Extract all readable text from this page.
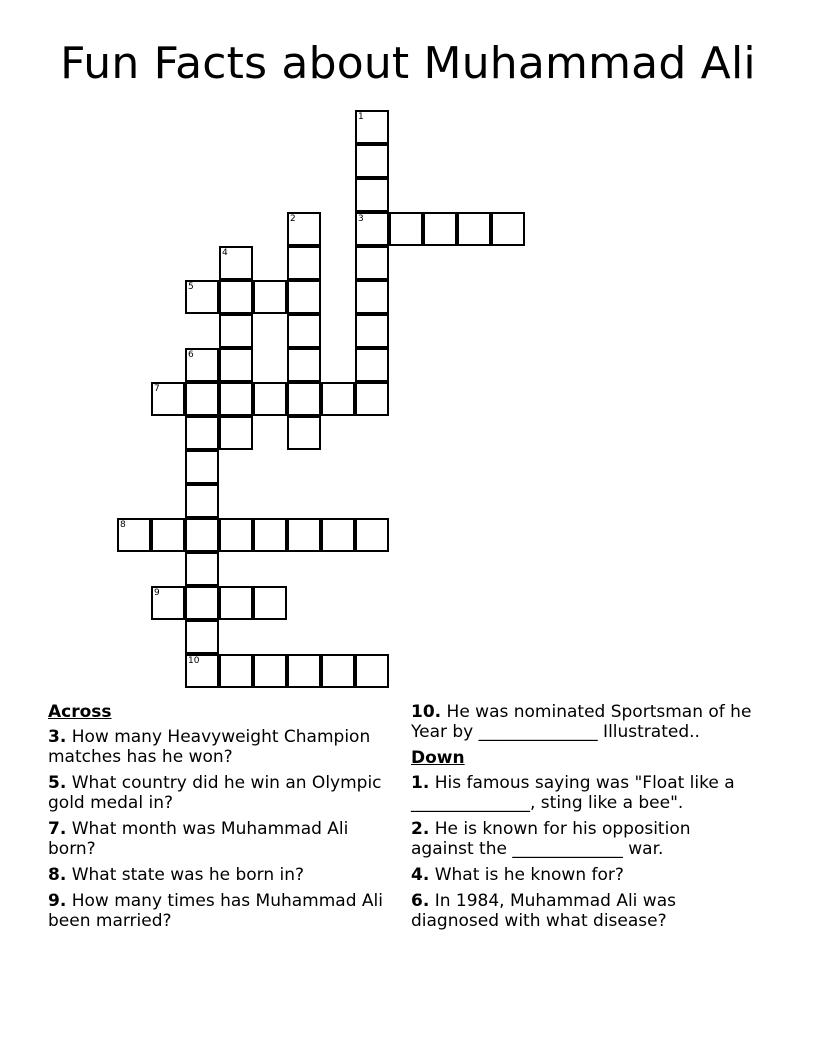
Fun Facts about Muhammad Ali
3
5
7
8
9
10
1
2
4
6
Across
3. How many Heavyweight Champion matches has he won?
5. What country did he win an Olympic gold medal in?
7. What month was Muhammad Ali born?
8. What state was he born in?
9. How many times has Muhammad Ali been married?
10. He was nominated Sportsman of he Year by ______________ Illustrated..
Down
1. His famous saying was "Float like a ______________, sting like a bee".
2. He is known for his opposition against the _____________ war.
4. What is he known for?
6. In 1984, Muhammad Ali was diagnosed with what disease?
